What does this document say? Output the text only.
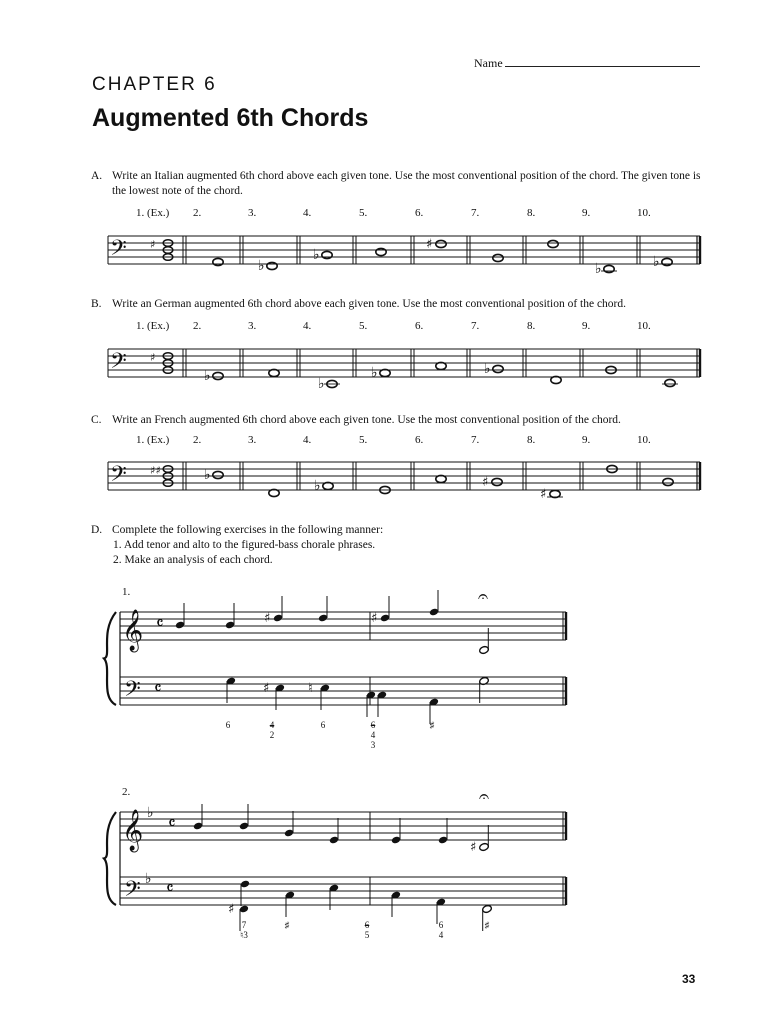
Name
CHAPTER 6
Augmented 6th Chords
A. Write an Italian augmented 6th chord above each given tone. Use the most conventional position of the chord. The given tone is the lowest note of the chord.
1. (Ex.) 2.	3.	4.	5.	6.	7.	8.	9.	10.
B. Write an German augmented 6th chord above each given tone. Use the most conventional position of the chord.
1. (Ex.) 2.	3.	4.	5.	6.	7.	8.	9.	10.
C. Write an French augmented 6th chord above each given tone. Use the most conventional position of the chord.
1. (Ex.) 2.	3.	4.	5.	6.	7.	8.	9.	10.
D. Complete the following exercises in the following manner:
1. Add tenor and alto to the figured-bass chorale phrases.
2. Make an analysis of each chord.
1.
2.
6	4
2
6	6
4
3
♯
7
♮3
♯	6
5
6
4
♯
33
𝄢 ♯
♭
♭
♯
♭	♭
𝄢 ♯
♭	♭
♭	♭
𝄢 ♯♯	♭
♭	♯
♯
𝄞
𝄢
𝄴
𝄴
♯	♯
𝄐
♯	♮
𝄞
𝄢
♭
♭
𝄴
𝄴
♯
𝄐
♯
